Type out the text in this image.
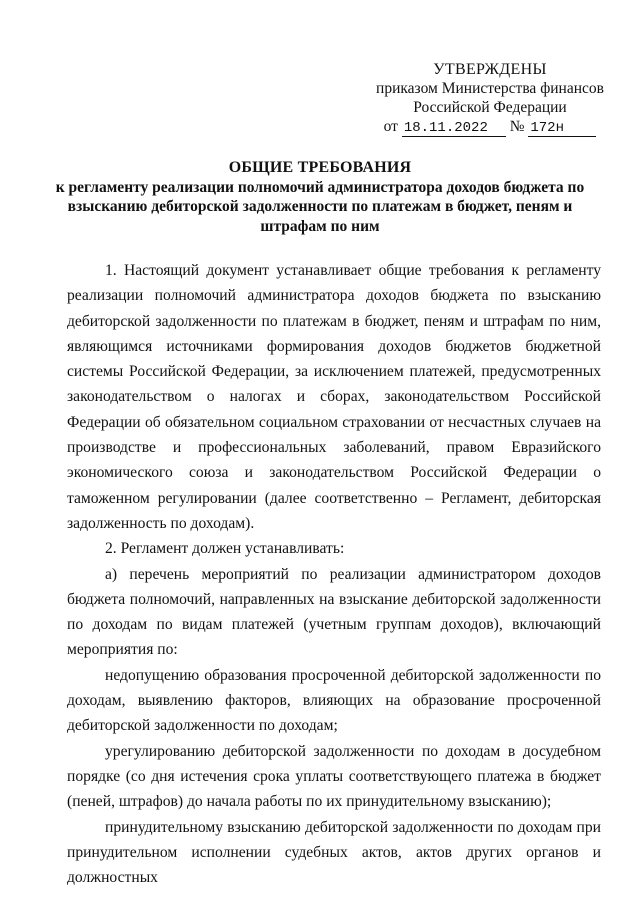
УТВЕРЖДЕНЫ
приказом Министерства финансов
Российской Федерации
от 18.11.2022 № 172н
ОБЩИЕ ТРЕБОВАНИЯ
к регламенту реализации полномочий администратора доходов бюджета по взысканию дебиторской задолженности по платежам в бюджет, пеням и штрафам по ним

1. Настоящий документ устанавливает общие требования к регламенту реализации полномочий администратора доходов бюджета по взысканию дебиторской задолженности по платежам в бюджет, пеням и штрафам по ним, являющимся источниками формирования доходов бюджетов бюджетной системы Российской Федерации, за исключением платежей, предусмотренных законодательством о налогах и сборах, законодательством Российской Федерации об обязательном социальном страховании от несчастных случаев на производстве и профессиональных заболеваний, правом Евразийского экономического союза и законодательством Российской Федерации о таможенном регулировании (далее соответственно – Регламент, дебиторская задолженность по доходам).

2. Регламент должен устанавливать:

а) перечень мероприятий по реализации администратором доходов бюджета полномочий, направленных на взыскание дебиторской задолженности по доходам по видам платежей (учетным группам доходов), включающий мероприятия по:

недопущению образования просроченной дебиторской задолженности по доходам, выявлению факторов, влияющих на образование просроченной дебиторской задолженности по доходам;

урегулированию дебиторской задолженности по доходам в досудебном порядке (со дня истечения срока уплаты соответствующего платежа в бюджет (пеней, штрафов) до начала работы по их принудительному взысканию);

принудительному взысканию дебиторской задолженности по доходам при принудительном исполнении судебных актов, актов других органов и должностных
